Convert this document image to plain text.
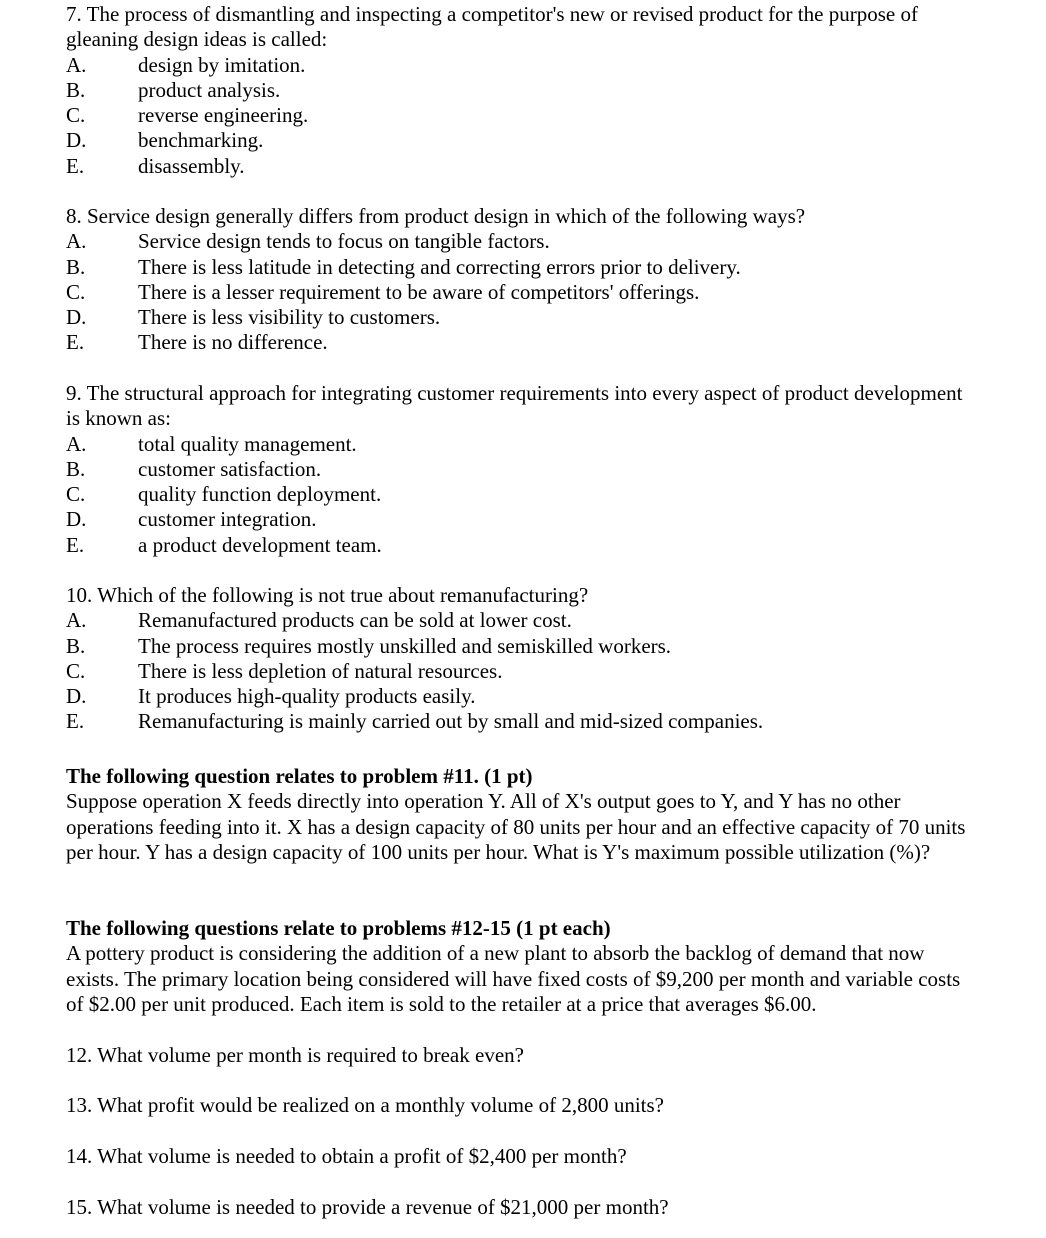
7. The process of dismantling and inspecting a competitor's new or revised product for the purpose of gleaning design ideas is called:

A.	design by imitation.
B.	product analysis.
C.	reverse engineering.
D.	benchmarking.
E.	disassembly.

8. Service design generally differs from product design in which of the following ways?

A.	Service design tends to focus on tangible factors.
B.	There is less latitude in detecting and correcting errors prior to delivery.
C.	There is a lesser requirement to be aware of competitors' offerings.
D.	There is less visibility to customers.
E.	There is no difference.

9. The structural approach for integrating customer requirements into every aspect of product development is known as:

A.	total quality management.
B.	customer satisfaction.
C.	quality function deployment.
D.	customer integration.
E.	a product development team.

10. Which of the following is not true about remanufacturing?

A.	Remanufactured products can be sold at lower cost.
B.	The process requires mostly unskilled and semiskilled workers.
C.	There is less depletion of natural resources.
D.	It produces high-quality products easily.
E.	Remanufacturing is mainly carried out by small and mid-sized companies.

The following question relates to problem #11. (1 pt)

Suppose operation X feeds directly into operation Y. All of X's output goes to Y, and Y has no other operations feeding into it. X has a design capacity of 80 units per hour and an effective capacity of 70 units per hour. Y has a design capacity of 100 units per hour. What is Y's maximum possible utilization (%)?

The following questions relate to problems #12-15 (1 pt each)

A pottery product is considering the addition of a new plant to absorb the backlog of demand that now exists. The primary location being considered will have fixed costs of $9,200 per month and variable costs of $2.00 per unit produced. Each item is sold to the retailer at a price that averages $6.00.

12. What volume per month is required to break even?

13. What profit would be realized on a monthly volume of 2,800 units?

14. What volume is needed to obtain a profit of $2,400 per month?

15. What volume is needed to provide a revenue of $21,000 per month?
